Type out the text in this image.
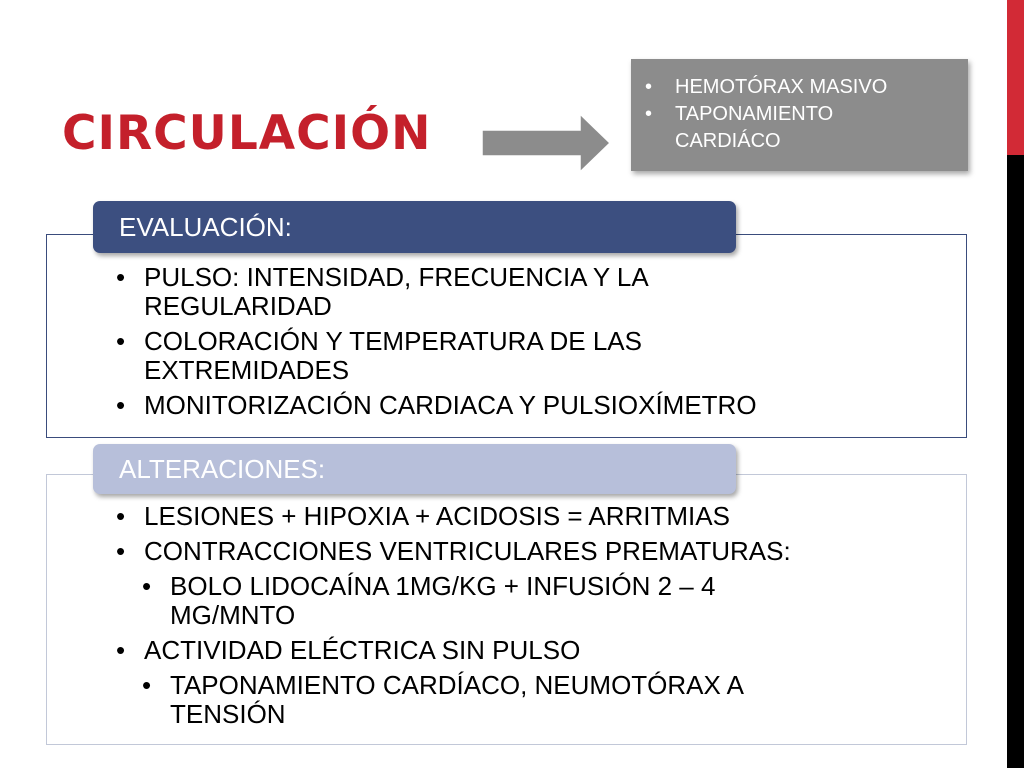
CIRCULACIÓN
• HEMOTÓRAX MASIVO
• TAPONAMIENTO CARDIÁCO
EVALUACIÓN:
• PULSO: INTENSIDAD, FRECUENCIA Y LA REGULARIDAD
• COLORACIÓN Y TEMPERATURA DE LAS EXTREMIDADES
• MONITORIZACIÓN CARDIACA Y PULSIOXÍMETRO
ALTERACIONES:
• LESIONES + HIPOXIA + ACIDOSIS = ARRITMIAS
• CONTRACCIONES VENTRICULARES PREMATURAS:
• BOLO LIDOCAÍNA 1MG/KG + INFUSIÓN 2 – 4 MG/MNTO
• ACTIVIDAD ELÉCTRICA SIN PULSO
• TAPONAMIENTO CARDÍACO, NEUMOTÓRAX A TENSIÓN
